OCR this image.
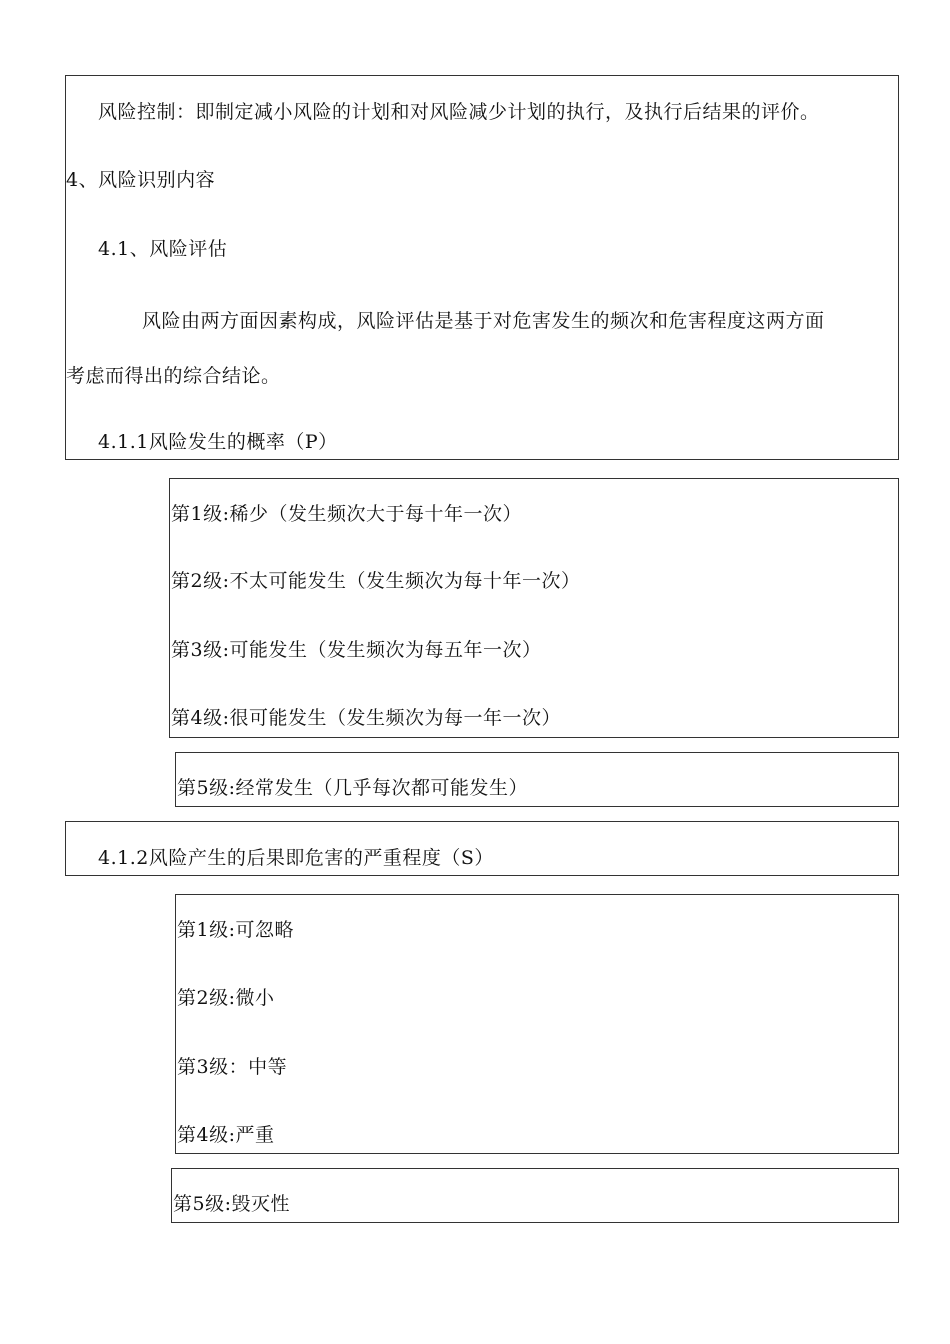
风险控制：即制定减小风险的计划和对风险减少计划的执行，及执行后结果的评价。
4、风险识别内容
4.1、风险评估
风险由两方面因素构成，风险评估是基于对危害发生的频次和危害程度这两方面
考虑而得出的综合结论。
4.1.1风险发生的概率（P）
第1级:稀少（发生频次大于每十年一次）
第2级:不太可能发生（发生频次为每十年一次）
第3级:可能发生（发生频次为每五年一次）
第4级:很可能发生（发生频次为每一年一次）
第5级:经常发生（几乎每次都可能发生）
4.1.2风险产生的后果即危害的严重程度（S）
第1级:可忽略
第2级:微小
第3级：中等
第4级:严重
第5级:毁灭性
